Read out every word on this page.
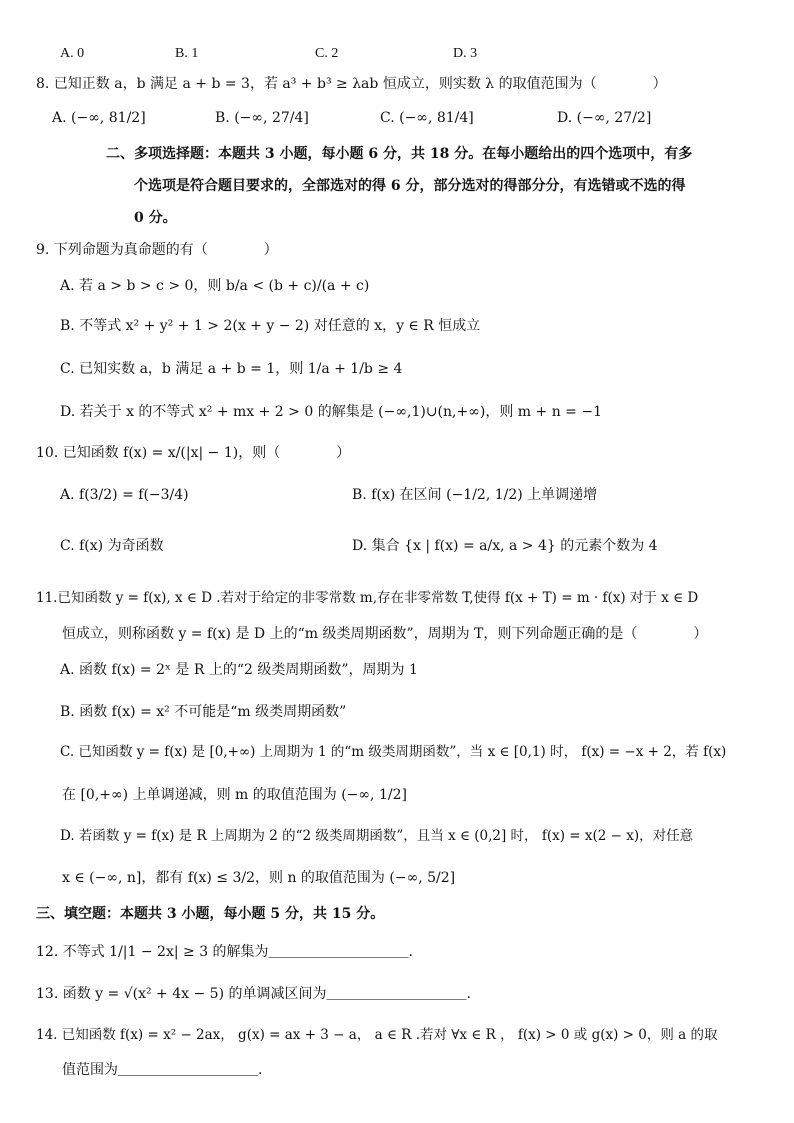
A. 0	B. 1	C. 2	D. 3
8. 已知正数 a，b 满足 a + b = 3，若 a³ + b³ ≥ λab 恒成立，则实数 λ 的取值范围为（　　　　）
A. (−∞, 81/2]	B. (−∞, 27/4]	C. (−∞, 81/4]	D. (−∞, 27/2]
二、多项选择题：本题共 3 小题，每小题 6 分，共 18 分。在每小题给出的四个选项中，有多
个选项是符合题目要求的，全部选对的得 6 分，部分选对的得部分分，有选错或不选的得
0 分。
9. 下列命题为真命题的有（　　　　）
A. 若 a > b > c > 0，则 b/a < (b + c)/(a + c)
B. 不等式 x² + y² + 1 > 2(x + y − 2) 对任意的 x，y ∈ R 恒成立
C. 已知实数 a，b 满足 a + b = 1，则 1/a + 1/b ≥ 4
D. 若关于 x 的不等式 x² + mx + 2 > 0 的解集是 (−∞,1)∪(n,+∞)，则 m + n = −1
10. 已知函数 f(x) = x/(|x| − 1)，则（　　　　）
A. f(3/2) = f(−3/4)	B. f(x) 在区间 (−1/2, 1/2) 上单调递增
C. f(x) 为奇函数	D. 集合 {x | f(x) = a/x, a > 4} 的元素个数为 4
11.已知函数 y = f(x), x ∈ D .若对于给定的非零常数 m,存在非零常数 T,使得 f(x + T) = m · f(x) 对于 x ∈ D
恒成立，则称函数 y = f(x) 是 D 上的“m 级类周期函数”，周期为 T，则下列命题正确的是（　　　　）
A. 函数 f(x) = 2ˣ 是 R 上的“2 级类周期函数”，周期为 1
B. 函数 f(x) = x² 不可能是“m 级类周期函数”
C. 已知函数 y = f(x) 是 [0,+∞) 上周期为 1 的“m 级类周期函数”，当 x ∈ [0,1) 时， f(x) = −x + 2，若 f(x)
在 [0,+∞) 上单调递减，则 m 的取值范围为 (−∞, 1/2]
D. 若函数 y = f(x) 是 R 上周期为 2 的“2 级类周期函数”，且当 x ∈ (0,2] 时， f(x) = x(2 − x)，对任意
x ∈ (−∞, n]，都有 f(x) ≤ 3/2，则 n 的取值范围为 (−∞, 5/2]
三、填空题：本题共 3 小题，每小题 5 分，共 15 分。
12. 不等式 1/|1 − 2x| ≥ 3 的解集为＿＿＿＿＿＿＿＿＿＿.
13. 函数 y = √(x² + 4x − 5) 的单调减区间为＿＿＿＿＿＿＿＿＿＿.
14. 已知函数 f(x) = x² − 2ax， g(x) = ax + 3 − a， a ∈ R .若对 ∀x ∈ R ， f(x) > 0 或 g(x) > 0，则 a 的取
值范围为＿＿＿＿＿＿＿＿＿＿.
